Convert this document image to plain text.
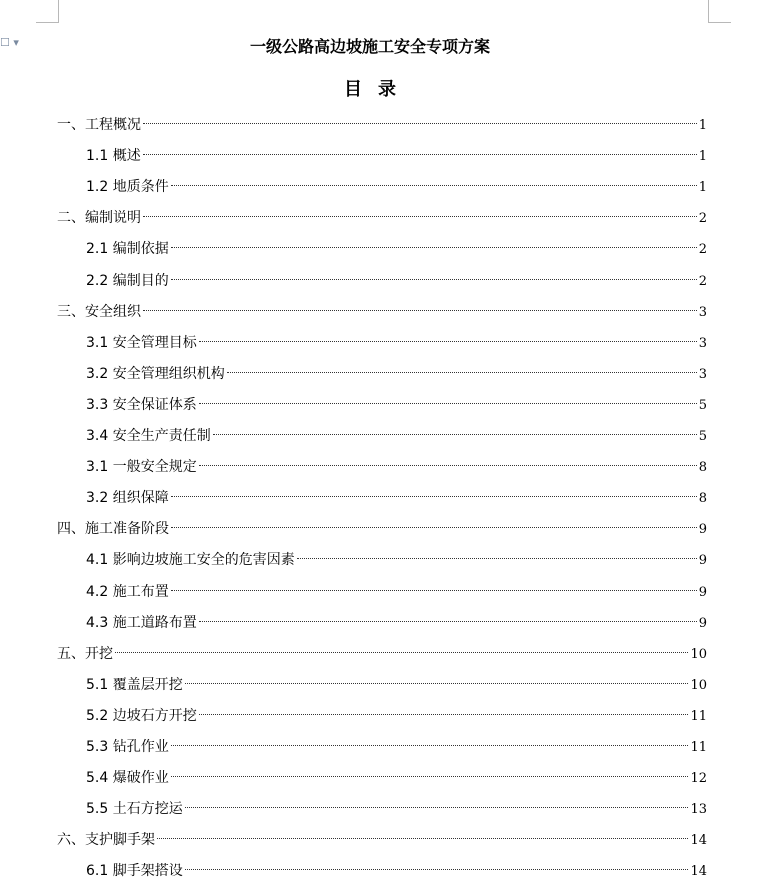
☐ ▾	一级公路高边坡施工安全专项方案
目录
一、工程概况	1
1.1 概述	1
1.2 地质条件	1
二、编制说明	2
2.1 编制依据	2
2.2 编制目的	2
三、安全组织	3
3.1 安全管理目标	3
3.2 安全管理组织机构	3
3.3 安全保证体系	5
3.4 安全生产责任制	5
3.1 一般安全规定	8
3.2 组织保障	8
四、施工准备阶段	9
4.1 影响边坡施工安全的危害因素	9
4.2 施工布置	9
4.3 施工道路布置	9
五、开挖	10
5.1 覆盖层开挖	10
5.2 边坡石方开挖	11
5.3 钻孔作业	11
5.4 爆破作业	12
5.5 土石方挖运	13
六、支护脚手架	14
6.1 脚手架搭设	14
